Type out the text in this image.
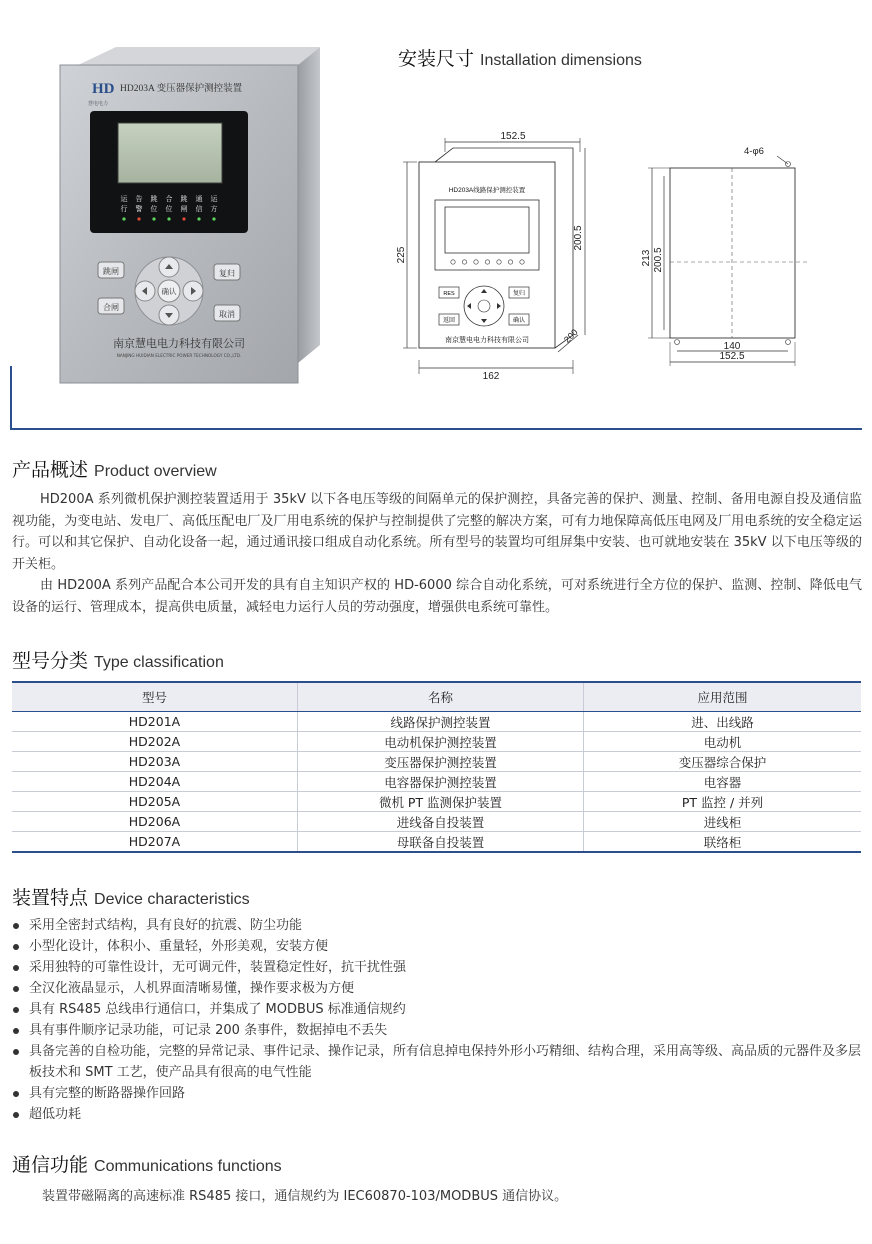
HD
慧电电力
HD203A 变压器保护测控装置
运
行
告
警
跳
位
合
位
跳
闸
通
信
运
方
跳闸
合闸
复归
取消
确认
南京慧电电力科技有限公司
NANJING HUIDIAN ELECTRIC POWER TECHNOLOGY CO.,LTD.
安装尺寸 Installation dimensions
152.5
HD203A线路保护测控装置
RES
返回
复归
确认
南京慧电电力科技有限公司
225
200.5
200
162
4-φ6
213 200.5
140
152.5
产品概述 Product overview

HD200A 系列微机保护测控装置适用于 35kV 以下各电压等级的间隔单元的保护测控，具备完善的保护、测量、控制、备用电源自投及通信监视功能，为变电站、发电厂、高低压配电厂及厂用电系统的保护与控制提供了完整的解决方案，可有力地保障高低压电网及厂用电系统的安全稳定运行。可以和其它保护、自动化设备一起，通过通讯接口组成自动化系统。所有型号的装置均可组屏集中安装、也可就地安装在 35kV 以下电压等级的开关柜。

由 HD200A 系列产品配合本公司开发的具有自主知识产权的 HD-6000 综合自动化系统，可对系统进行全方位的保护、监测、控制、降低电气设备的运行、管理成本，提高供电质量，减轻电力运行人员的劳动强度，增强供电系统可靠性。

型号分类 Type classification
型号	名称	应用范围
HD201A	线路保护测控装置	进、出线路
HD202A	电动机保护测控装置	电动机
HD203A	变压器保护测控装置	变压器综合保护
HD204A	电容器保护测控装置	电容器
HD205A	微机 PT 监测保护装置	PT 监控 / 并列
HD206A	进线备自投装置	进线柜
HD207A	母联备自投装置	联络柜
装置特点 Device characteristics
采用全密封式结构，具有良好的抗震、防尘功能
小型化设计，体积小、重量轻，外形美观，安装方便
采用独特的可靠性设计，无可调元件，装置稳定性好，抗干扰性强
全汉化液晶显示，人机界面清晰易懂，操作要求极为方便
具有 RS485 总线串行通信口，并集成了 MODBUS 标准通信规约
具有事件顺序记录功能，可记录 200 条事件，数据掉电不丢失
具备完善的自检功能，完整的异常记录、事件记录、操作记录，所有信息掉电保持外形小巧精细、结构合理，采用高等级、高品质的元器件及多层板技术和 SMT 工艺，使产品具有很高的电气性能
具有完整的断路器操作回路
超低功耗
通信功能 Communications functions
装置带磁隔离的高速标准 RS485 接口，通信规约为 IEC60870-103/MODBUS 通信协议。
